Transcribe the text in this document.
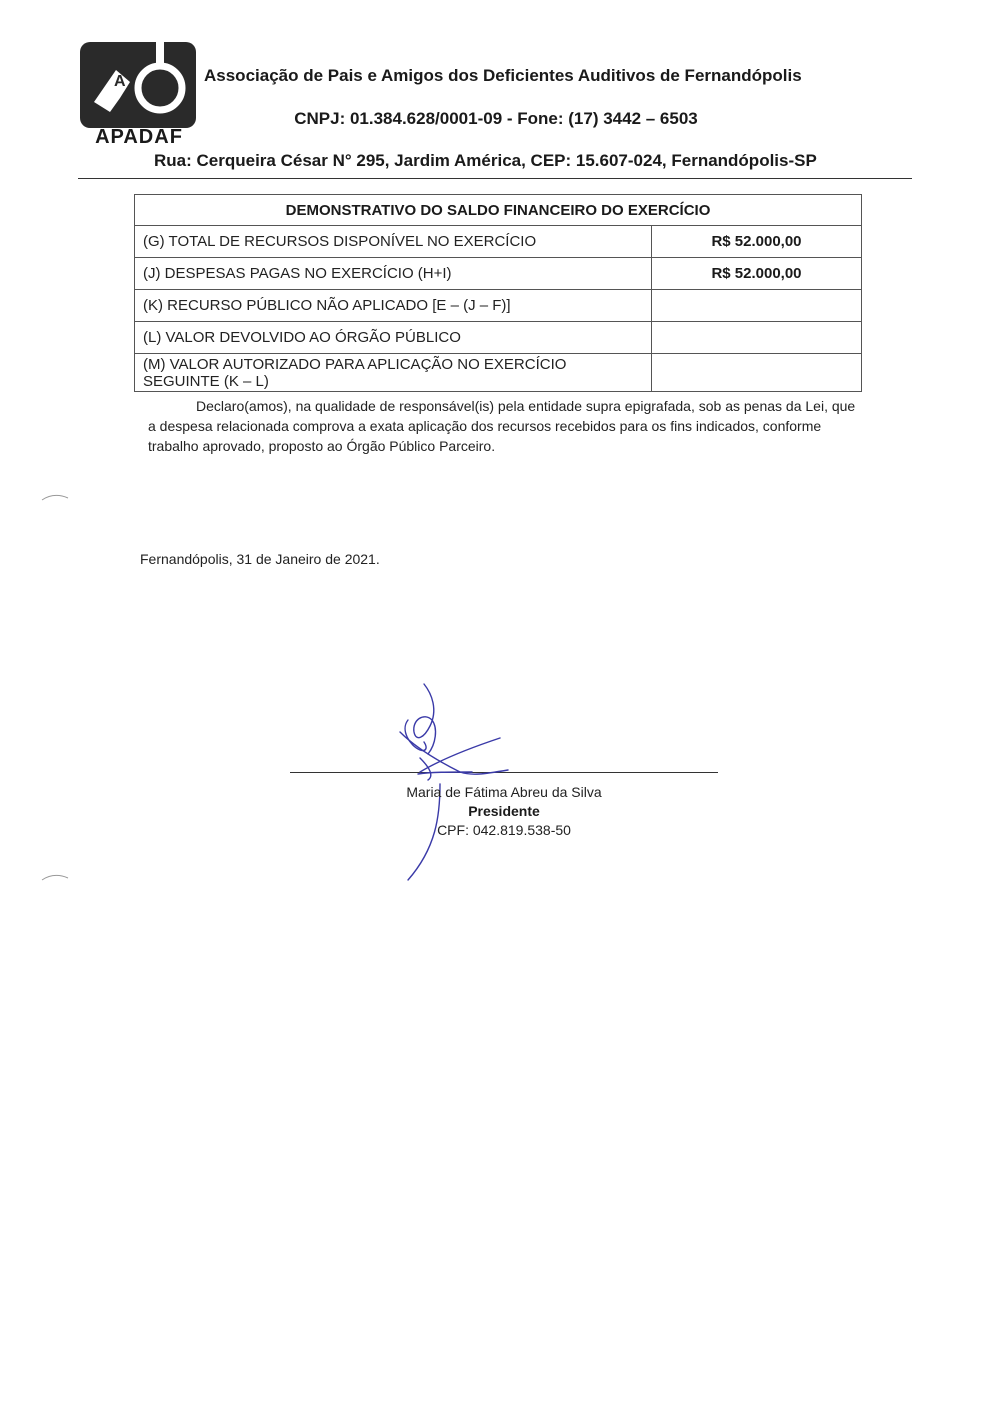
A
APADAF
Associação de Pais e Amigos dos Deficientes Auditivos de Fernandópolis
CNPJ: 01.384.628/0001-09 - Fone: (17) 3442 – 6503
Rua: Cerqueira César N° 295, Jardim América, CEP: 15.607-024, Fernandópolis-SP
DEMONSTRATIVO DO SALDO FINANCEIRO DO EXERCÍCIO	
(G) TOTAL DE RECURSOS DISPONÍVEL NO EXERCÍCIO	R$ 52.000,00
(J) DESPESAS PAGAS NO EXERCÍCIO (H+I)	R$ 52.000,00
(K) RECURSO PÚBLICO NÃO APLICADO [E – (J – F)]	
(L) VALOR DEVOLVIDO AO ÓRGÃO PÚBLICO	
(M) VALOR AUTORIZADO PARA APLICAÇÃO NO EXERCÍCIO SEGUINTE (K – L)	
Declaro(amos), na qualidade de responsável(is) pela entidade supra epigrafada, sob as penas da Lei, que a despesa relacionada comprova a exata aplicação dos recursos recebidos para os fins indicados, conforme trabalho aprovado, proposto ao Órgão Público Parceiro.
Fernandópolis, 31 de Janeiro de 2021.
Maria de Fátima Abreu da Silva
Presidente
CPF: 042.819.538-50
